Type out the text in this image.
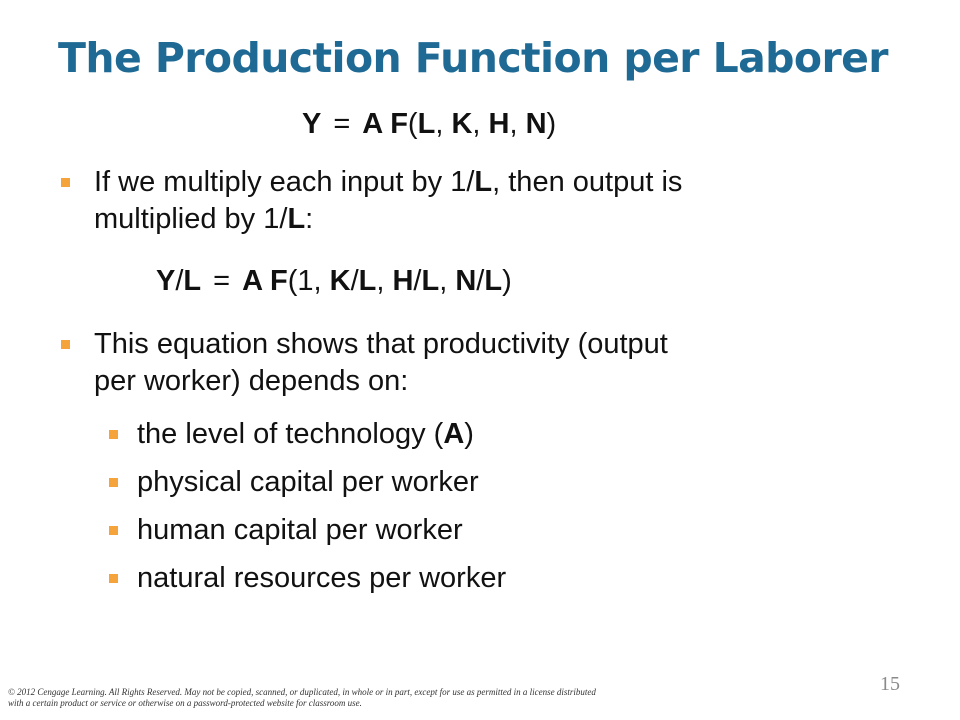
The Production Function per Laborer
Y = A F(L, K, H, N)
If we multiply each input by 1/L, then output is multiplied by 1/L:
Y/L = A F(1, K/L, H/L, N/L)
This equation shows that productivity (output per worker) depends on:
the level of technology (A)
physical capital per worker
human capital per worker
natural resources per worker
15
© 2012 Cengage Learning. All Rights Reserved. May not be copied, scanned, or duplicated, in whole or in part, except for use as permitted in a license distributed with a certain product or service or otherwise on a password-protected website for classroom use.
